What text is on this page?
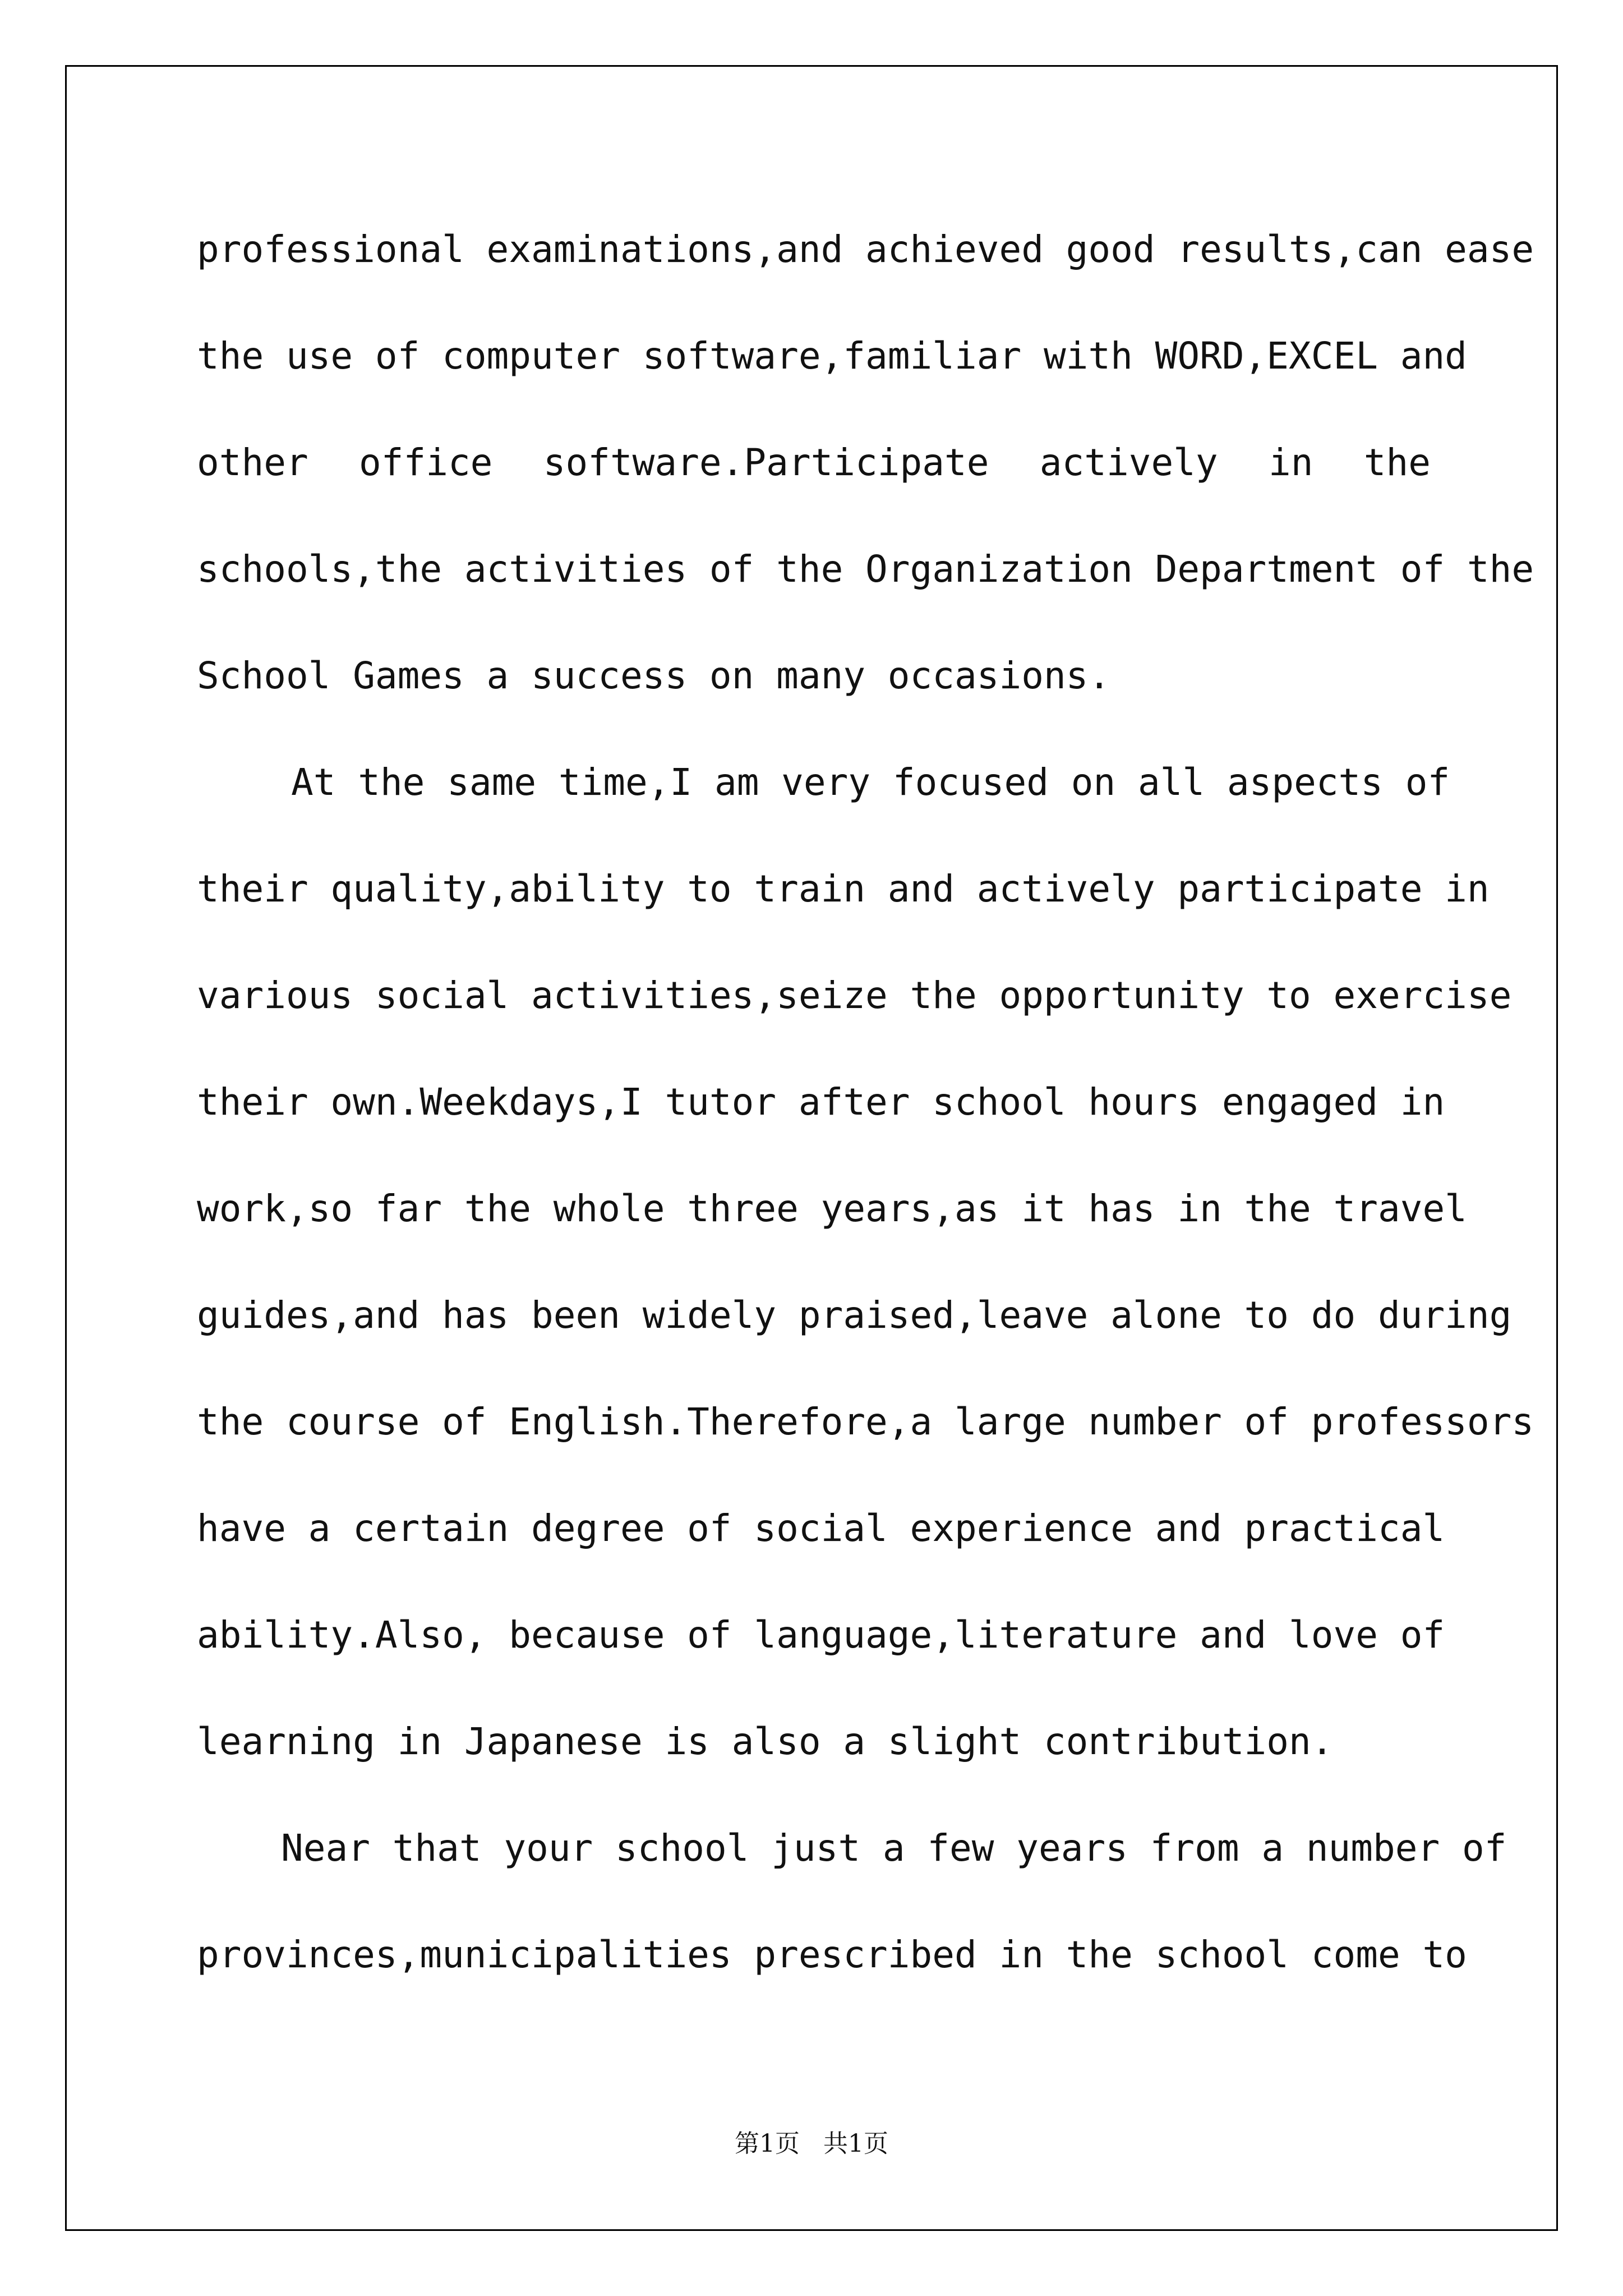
professional examinations,and achieved good results,can ease
the use of computer software,familiar with WORD,EXCEL and
other office software.Participate actively in the
schools,the activities of the Organization Department of the
School Games a success on many occasions.
At the same time,I am very focused on all aspects of
their quality,ability to train and actively participate in
various social activities,seize the opportunity to exercise
their own.Weekdays,I tutor after school hours engaged in
work,so far the whole three years,as it has in the travel
guides,and has been widely praised,leave alone to do during
the course of English.Therefore,a large number of professors
have a certain degree of social experience and practical
ability.Also, because of language,literature and love of
learning in Japanese is also a slight contribution.
Near that your school just a few years from a number of
provinces,municipalities prescribed in the school come to
第1页   共1页
